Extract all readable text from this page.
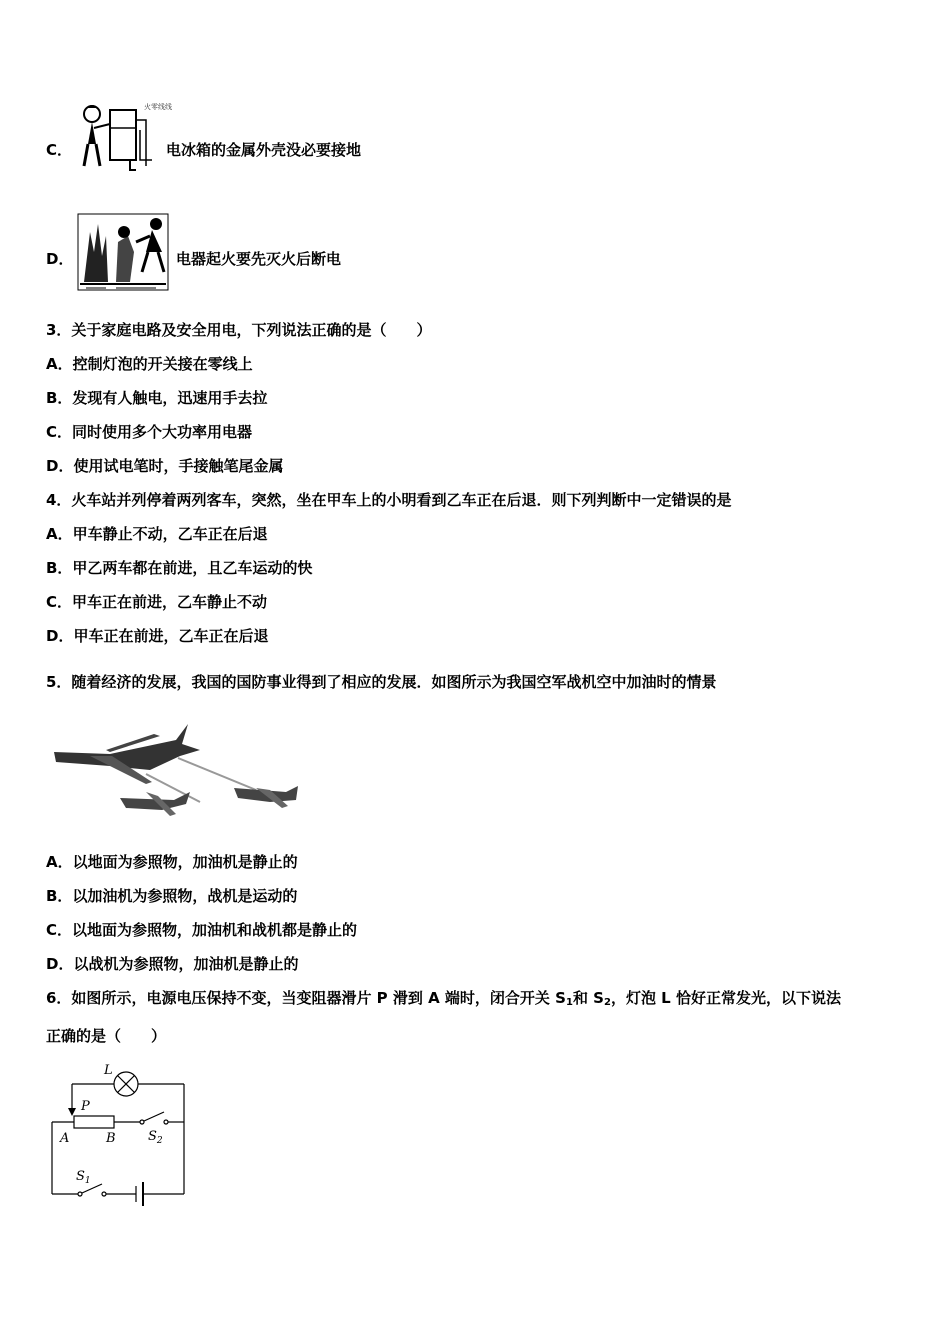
C．
火零线线
电冰箱的金属外壳没必要接地
D．	电器起火要先灭火后断电
3．关于家庭电路及安全用电，下列说法正确的是（　　）
A．控制灯泡的开关接在零线上
B．发现有人触电，迅速用手去拉
C．同时使用多个大功率用电器
D．使用试电笔时，手接触笔尾金属
4．火车站并列停着两列客车，突然，坐在甲车上的小明看到乙车正在后退．则下列判断中一定错误的是
A．甲车静止不动，乙车正在后退
B．甲乙两车都在前进，且乙车运动的快
C．甲车正在前进，乙车静止不动
D．甲车正在前进，乙车正在后退
5．随着经济的发展，我国的国防事业得到了相应的发展．如图所示为我国空军战机空中加油时的情景
A．以地面为参照物，加油机是静止的
B．以加油机为参照物，战机是运动的
C．以地面为参照物，加油机和战机都是静止的
D．以战机为参照物，加油机是静止的
6．如图所示，电源电压保持不变，当变阻器滑片 P 滑到 A 端时，闭合开关 $S_1$和 $S_2$，灯泡 L 恰好正常发光，以下说法
正确的是（　　）
L
P
A	B $S_2$
$S_1$
